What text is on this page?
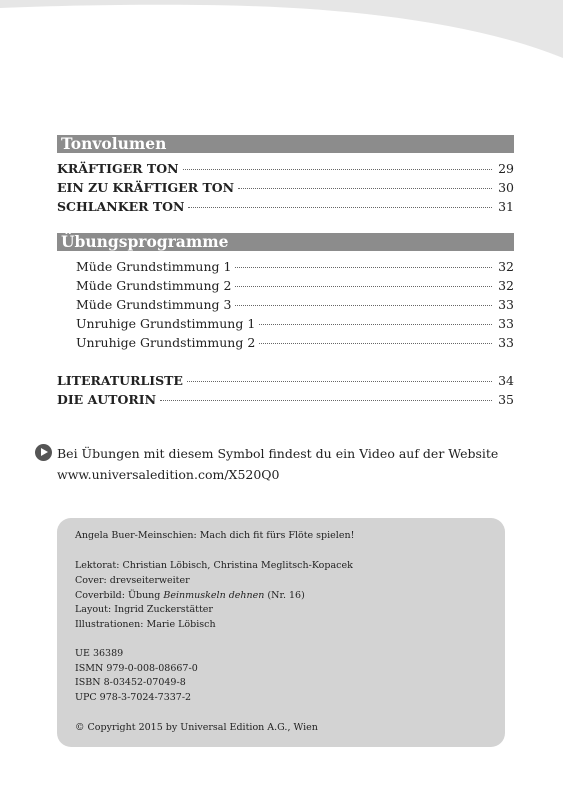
Tonvolumen
KRÄFTIGER TON	29
EIN ZU KRÄFTIGER TON	30
SCHLANKER TON	31
Übungsprogramme
Müde Grundstimmung 1	32
Müde Grundstimmung 2	32
Müde Grundstimmung 3	33
Unruhige Grundstimmung 1	33
Unruhige Grundstimmung 2	33
LITERATURLISTE	34
DIE AUTORIN	35
Bei Übungen mit diesem Symbol findest du ein Video auf der Website
www.universaledition.com/X520Q0
Angela Buer-Meinschien: Mach dich fit fürs Flöte spielen!
Lektorat: Christian Löbisch, Christina Meglitsch-Kopacek
Cover: drevseiterweiter
Coverbild: Übung Beinmuskeln dehnen (Nr. 16)
Layout: Ingrid Zuckerstätter
Illustrationen: Marie Löbisch
UE 36389
ISMN 979-0-008-08667-0
ISBN 8-03452-07049-8
UPC 978-3-7024-7337-2
© Copyright 2015 by Universal Edition A.G., Wien
